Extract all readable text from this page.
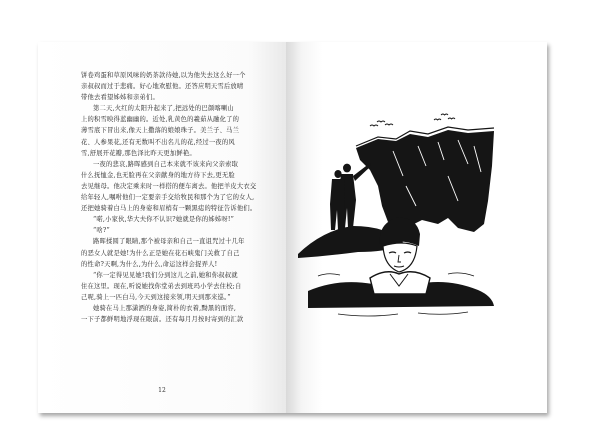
饼卷鸡蛋和草原风味的奶茶款待她,以为他失去这么好一个
亲叔叔而过于悲痛。好心地欢慰他。还答应明天雪后放晴
带他去看望姊姊和亲弟们。
第二天,火红的太阳升起来了,把远处的巴颜喀喇山
上的积雪映得蓝幽幽的。近处,乳黄色的羲茹从融化了的
薄雪底下冒出来,像天上撒落的娘娘珠子。美兰子、马兰
花、人参果花,还有无数叫不出名儿的花,经过一夜的风
雪,舒展开花瓣,那色泽比昨天更加鲜艳。
一夜的悲哀,路晖感到自己本来就不该来向父亲索取
什么抚恤金,也无脸再在父亲献身的地方待下去,更无脸
去见继母。他决定乘来时一样搭的便车离去。他把羊皮大衣交
给年轻人,嘱咐他们一定要亲手交给牧民和那个为了它的女人,
还把她骑着白马上的身姿和眉梢有一颗黑痣的特征告诉他们。
“喏,小家伙,华大夫你不认识?她就是你的姊姊呀!”
“啥?”
路晖揉圆了眼睛,那个被母亲和自己一直诅咒过十几年
的恶女人就是她!为什么正是她在花石峡鬼门关救了自己
的性命?天啊,为什么,为什么,命运这样会捉弄人!
“你一定得见见她!我们分到这儿之前,她和你叔叔就
住在这里。现在,听说她找你堂弟去到班玛小学去住校;自
己呢,骑上一匹白马,今天到这接来领,明天到那来巡。”
她骑在马上那潇洒的身姿,简朴的衣着,黝黑的面容,
一下子都鲜明地浮现在眼前。还有每月月按时寄到的汇款
12
